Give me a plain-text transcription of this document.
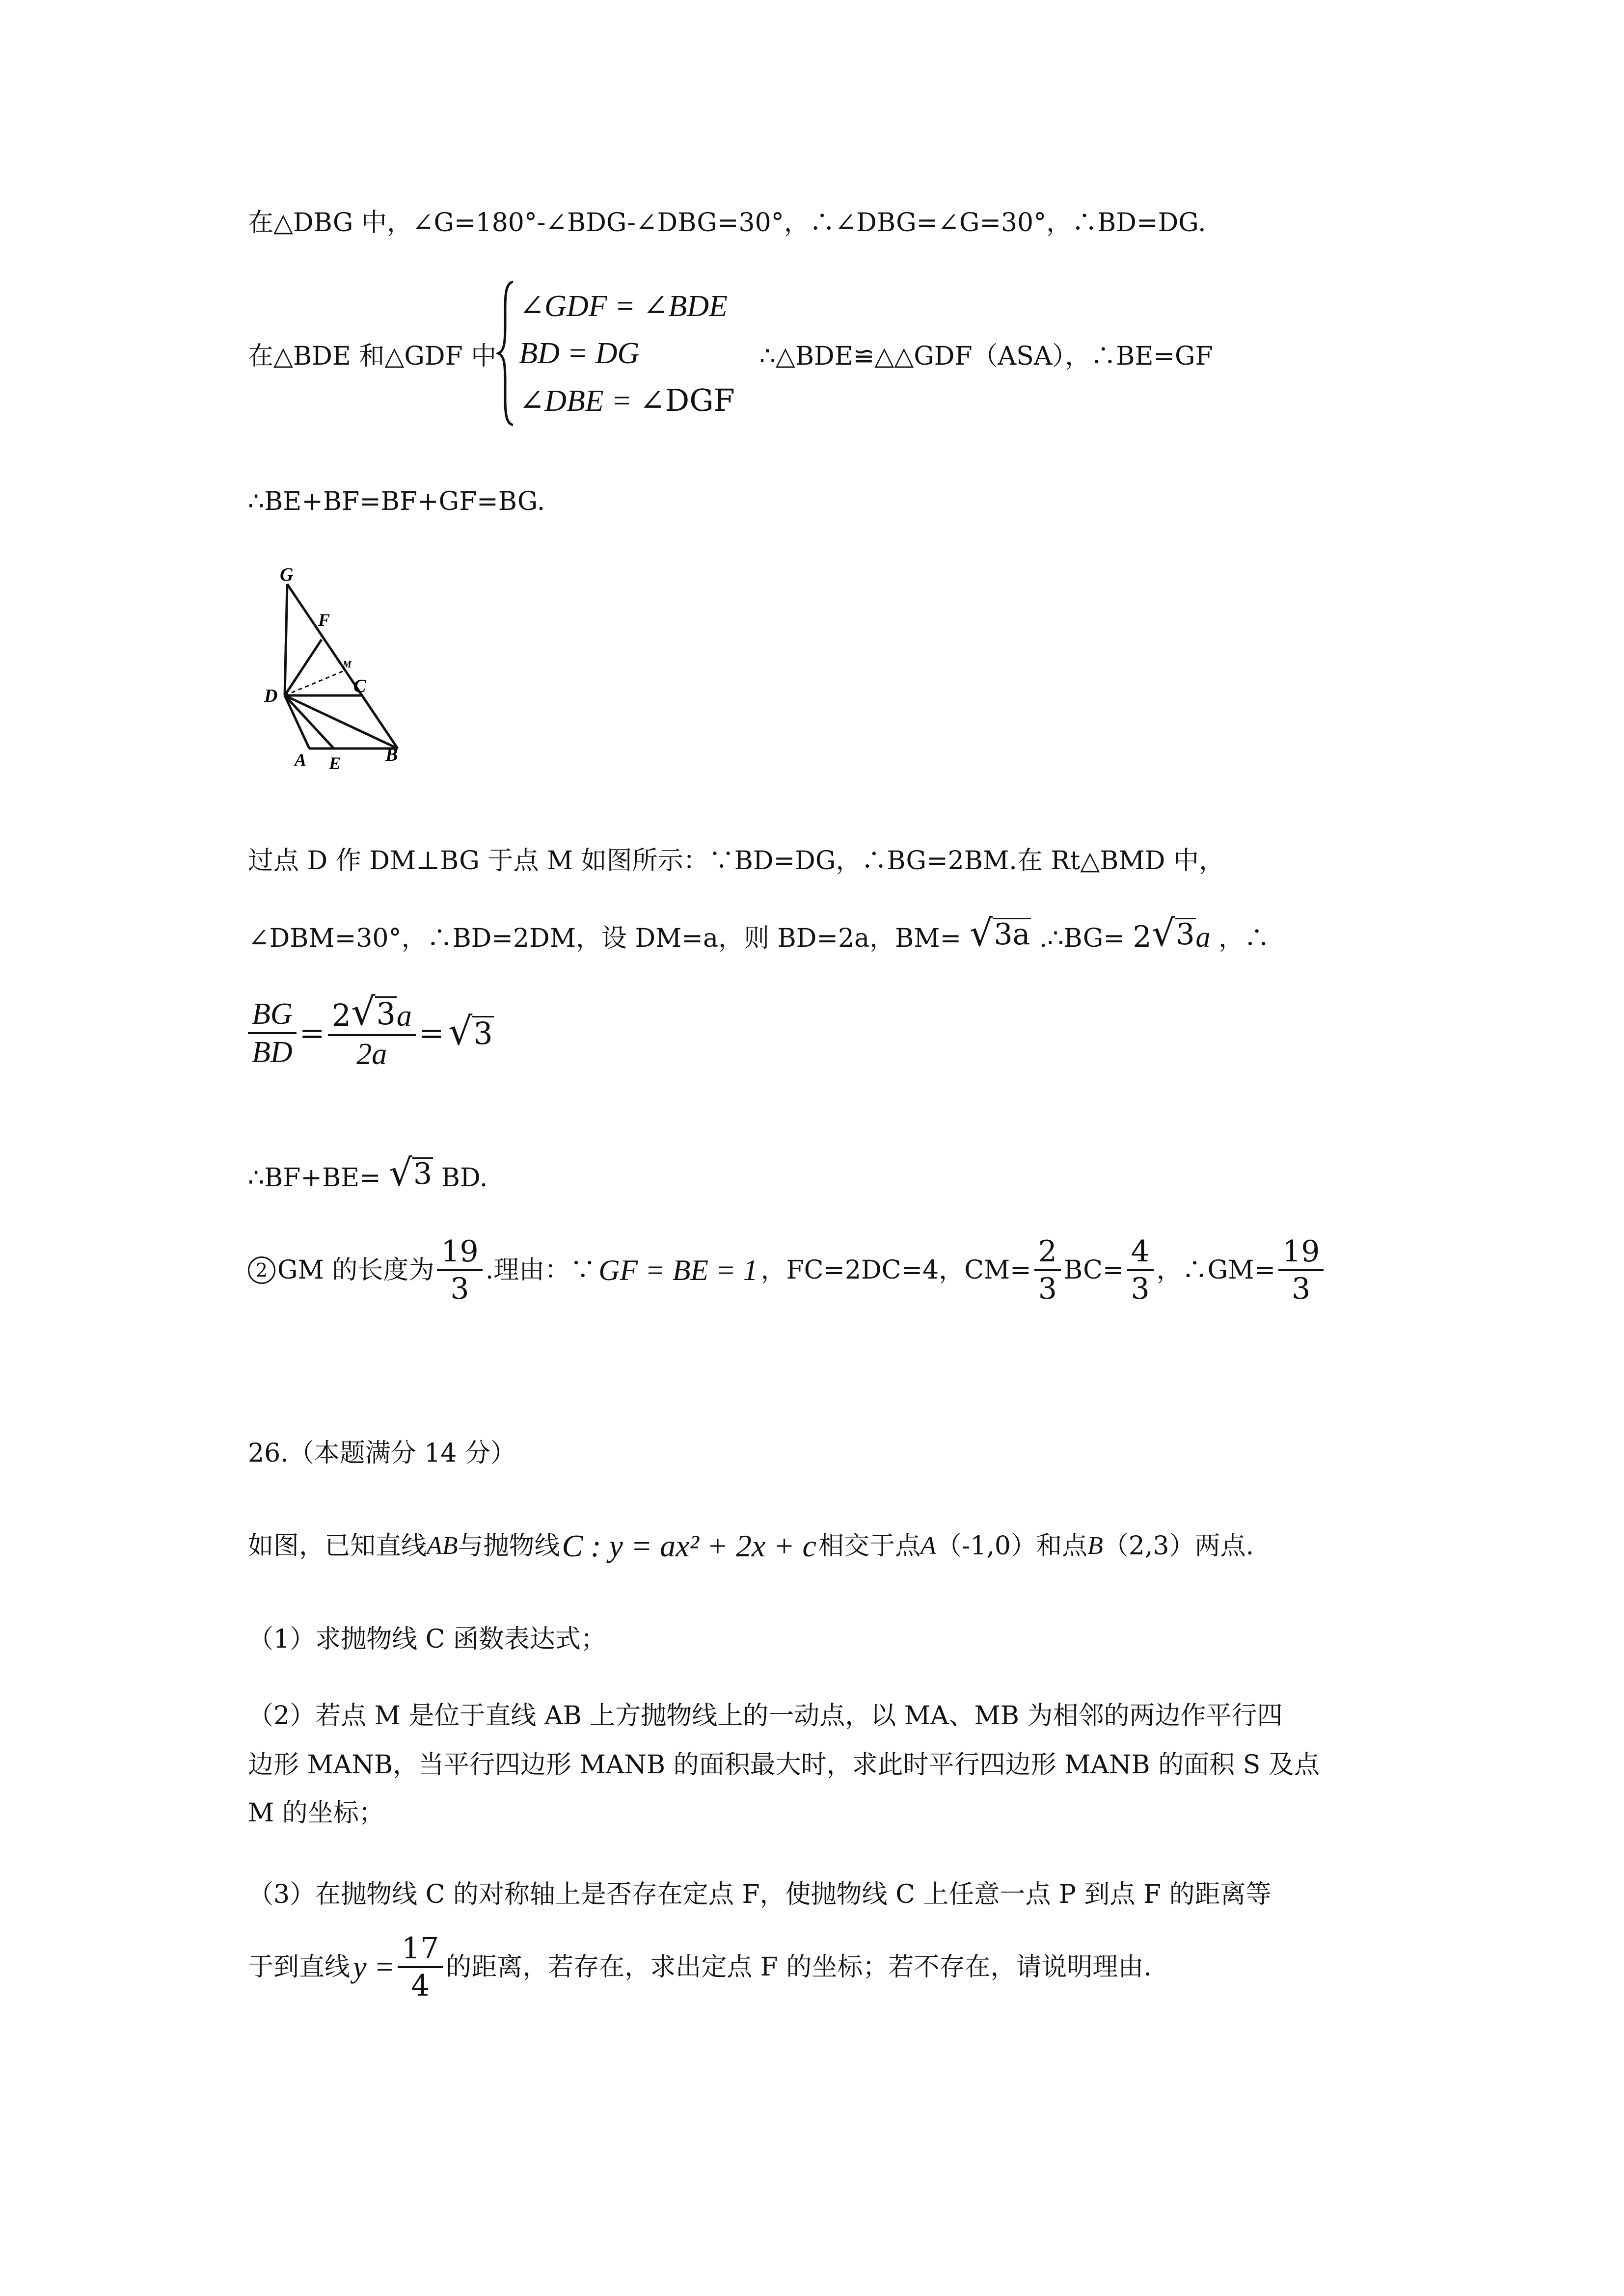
在△DBG 中，∠G=180°-∠BDG-∠DBG=30°，∴∠DBG=∠G=30°，∴BD=DG.
在△BDE 和△GDF 中
∠GDF = ∠BDE
BD = DG
∠DBE = ∠DGF
∴△BDE≌△△GDF（ASA），∴BE=GF
∴BE+BF=BF+GF=BG.
G
F
M
C
D
A E B
过点 D 作 DM⊥BG 于点 M 如图所示：∵BD=DG，∴BG=2BM.在 Rt△BMD 中，
∠DBM=30°，∴BD=2DM，设 DM=a，则 BD=2a，BM= √ 3a .∴BG= 2 √ 3 a ，∴
$\frac{BG}{BD} = \frac{2 √ 3 a}{2a}$ = √ 3
∴BF+BE= √ 3 BD.
2 GM 的长度为 $\frac{19}{3}$ .理由：∵ GF = BE = 1 ，FC=2DC=4，$CM= \frac{2}{3} BC= \frac{4}{3}$ ，∴GM= $\frac{19}{3}$
26.（本题满分 14 分）
如图，已知直线 AB 与抛物线 C : y = ax² + 2x + c 相交于点 A （-1,0）和点 B （2,3）两点.
（1）求抛物线 C 函数表达式；
（2）若点 M 是位于直线 AB 上方抛物线上的一动点，以 MA、MB 为相邻的两边作平行四
边形 MANB，当平行四边形 MANB 的面积最大时，求此时平行四边形 MANB 的面积 S 及点
M 的坐标；
（3）在抛物线 C 的对称轴上是否存在定点 F，使抛物线 C 上任意一点 P 到点 F 的距离等
于到直线 $y = \frac{17}{4}$ 的距离，若存在，求出定点 F 的坐标；若不存在，请说明理由.
